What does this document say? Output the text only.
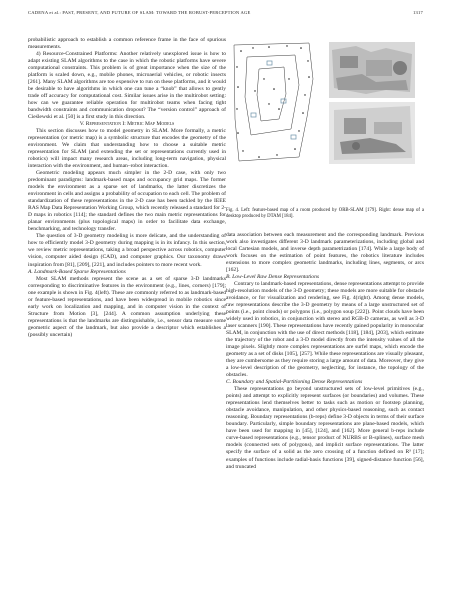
CADENA et al.: PAST, PRESENT, AND FUTURE OF SLAM: TOWARD THE ROBUST-PERCEPTION AGE	1317

probabilistic approach to establish a common reference frame in the face of spurious measurements.

4) Resource-Constrained Platforms: Another relatively unexplored issue is how to adapt existing SLAM algorithms to the case in which the robotic platforms have severe computational constraints. This problem is of great importance when the size of the platform is scaled down, e.g., mobile phones, microaerial vehicles, or robotic insects [261]. Many SLAM algorithms are too expensive to run on these platforms, and it would be desirable to have algorithms in which one can tune a “knob” that allows to gently trade off accuracy for computational cost. Similar issues arise in the multirobot setting: how can we guarantee reliable operation for multirobot teams when facing tight bandwidth constraints and communication dropout? The “version control” approach of Cieślewski et al. [50] is a first study in this direction.

V. Representation I: Metric Map Models

This section discusses how to model geometry in SLAM. More formally, a metric representation (or metric map) is a symbolic structure that encodes the geometry of the environment. We claim that understanding how to choose a suitable metric representation for SLAM (and extending the set or representations currently used in robotics) will impact many research areas, including long-term navigation, physical interaction with the environment, and human–robot interaction.

Geometric modeling appears much simpler in the 2-D case, with only two predominant paradigms: landmark-based maps and occupancy grid maps. The former models the environment as a sparse set of landmarks, the latter discretizes the environment in cells and assigns a probability of occupation to each cell. The problem of standardization of these representations in the 2-D case has been tackled by the IEEE RAS Map Data Representation Working Group, which recently released a standard for 2-D maps in robotics [114]; the standard defines the two main metric representations for planar environments (plus topological maps) in order to facilitate data exchange, benchmarking, and technology transfer.

The question of 3-D geometry modeling is more delicate, and the understanding of how to efficiently model 3-D geometry during mapping is in its infancy. In this section, we review metric representations, taking a broad perspective across robotics, computer vision, computer aided design (CAD), and computer graphics. Our taxonomy draws inspiration from [81], [209], [221], and includes pointers to more recent work.

A. Landmark-Based Sparse Representations

Most SLAM methods represent the scene as a set of sparse 3-D landmarks corresponding to discriminative features in the environment (e.g., lines, corners) [179]; one example is shown in Fig. 4(left). These are commonly referred to as landmark-based or feature-based representations, and have been widespread in mobile robotics since early work on localization and mapping, and in computer vision in the context of Structure from Motion [3], [244]. A common assumption underlying these representations is that the landmarks are distinguishable, i.e., sensor data measure some geometric aspect of the landmark, but also provide a descriptor which establishes a (possibly uncertain)

Fig. 4. Left: feature-based map of a room produced by ORB-SLAM [179]. Right: dense map of a desktop produced by DTAM [184].

data association between each measurement and the corresponding landmark. Previous work also investigates different 3-D landmark parameterizations, including global and local Cartesian models, and inverse depth parametrization [174]. While a large body of work focuses on the estimation of point features, the robotics literature includes extensions to more complex geometric landmarks, including lines, segments, or arcs [162].

B. Low-Level Raw Dense Representations

Contrary to landmark-based representations, dense representations attempt to provide high-resolution models of the 3-D geometry; these models are more suitable for obstacle avoidance, or for visualization and rendering, see Fig. 4(right). Among dense models, raw representations describe the 3-D geometry by means of a large unstructured set of points (i.e., point clouds) or polygons (i.e., polygon soup [222]). Point clouds have been widely used in robotics, in conjunction with stereo and RGB-D cameras, as well as 3-D laser scanners [190]. These representations have recently gained popularity in monocular SLAM, in conjunction with the use of direct methods [118], [184], [203], which estimate the trajectory of the robot and a 3-D model directly from the intensity values of all the image pixels. Slightly more complex representations are surfel maps, which encode the geometry as a set of disks [105], [257]. While these representations are visually pleasant, they are cumbersome as they require storing a large amount of data. Moreover, they give a low-level description of the geometry, neglecting, for instance, the topology of the obstacles.

C. Boundary and Spatial-Partitioning Dense Representations

These representations go beyond unstructured sets of low-level primitives (e.g., points) and attempt to explicitly represent surfaces (or boundaries) and volumes. These representations lend themselves better to tasks such as motion or footstep planning, obstacle avoidance, manipulation, and other physics-based reasoning, such as contact reasoning. Boundary representations (b-reps) define 3-D objects in terms of their surface boundary. Particularly, simple boundary representations are plane-based models, which have been used for mapping in [45], [124], and [162]. More general b-reps include curve-based representations (e.g., tensor product of NURBS or B-splines), surface mesh models (connected sets of polygons), and implicit surface representations. The latter specify the surface of a solid as the zero crossing of a function defined on R³ [17]; examples of functions include radial-basis functions [39], signed-distance function [56], and truncated
